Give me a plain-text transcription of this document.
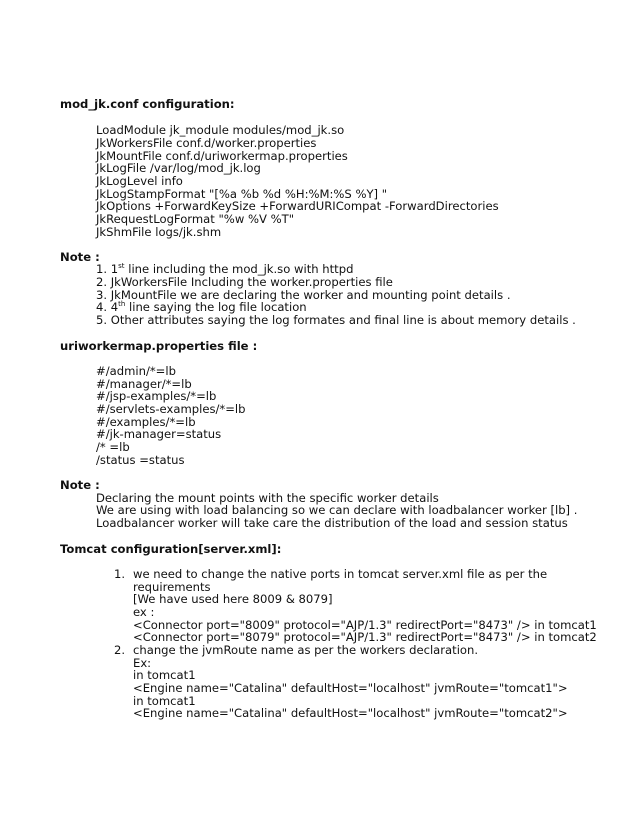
mod_jk.conf configuration:
LoadModule jk_module modules/mod_jk.so
JkWorkersFile conf.d/worker.properties
JkMountFile conf.d/uriworkermap.properties
JkLogFile /var/log/mod_jk.log
JkLogLevel info
JkLogStampFormat "[%a %b %d %H:%M:%S %Y] "
JkOptions +ForwardKeySize +ForwardURICompat -ForwardDirectories
JkRequestLogFormat "%w %V %T"
JkShmFile logs/jk.shm
Note :
1. 1st line including the mod_jk.so with httpd
2. JkWorkersFile Including the worker.properties file
3. JkMountFile we are declaring the worker and mounting point details .
4. 4th line saying the log file location
5. Other attributes saying the log formates and final line is about memory details .
uriworkermap.properties file :
#/admin/*=lb
#/manager/*=lb
#/jsp-examples/*=lb
#/servlets-examples/*=lb
#/examples/*=lb
#/jk-manager=status
/* =lb
/status =status
Note :
Declaring the mount points with the specific worker details
We are using with load balancing so we can declare with loadbalancer worker [lb] .
Loadbalancer worker will take care the distribution of the load and session status
Tomcat configuration[server.xml]:
1. we need to change the native ports in tomcat server.xml file as per the
requirements
[We have used here 8009 & 8079]
ex :
<Connector port="8009" protocol="AJP/1.3" redirectPort="8473" /> in tomcat1
<Connector port="8079" protocol="AJP/1.3" redirectPort="8473" /> in tomcat2
2. change the jvmRoute name as per the workers declaration.
Ex:
in tomcat1
<Engine name="Catalina" defaultHost="localhost" jvmRoute="tomcat1">
in tomcat1
<Engine name="Catalina" defaultHost="localhost" jvmRoute="tomcat2">
